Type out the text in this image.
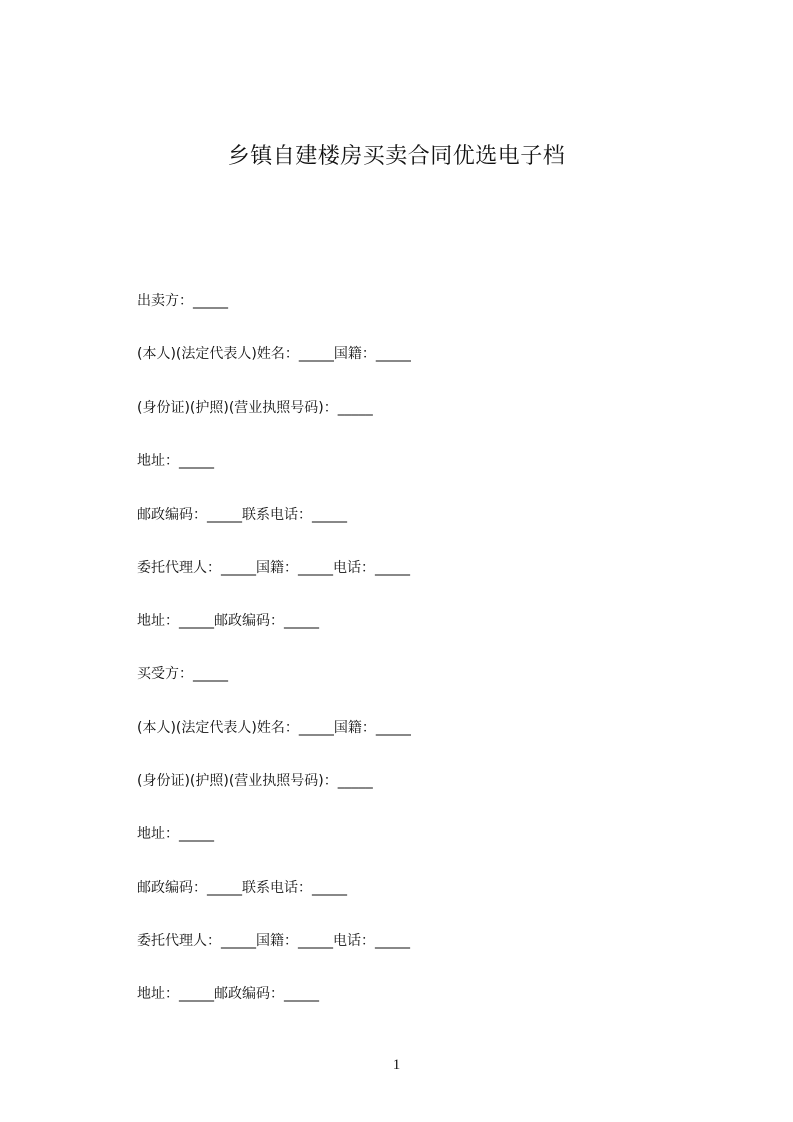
乡镇自建楼房买卖合同优选电子档
出卖方：_____
(本人)(法定代表人)姓名：_____国籍：_____
(身份证)(护照)(营业执照号码)：_____
地址：_____
邮政编码：_____联系电话：_____
委托代理人：_____国籍：_____电话：_____
地址：_____邮政编码：_____
买受方：_____
(本人)(法定代表人)姓名：_____国籍：_____
(身份证)(护照)(营业执照号码)：_____
地址：_____
邮政编码：_____联系电话：_____
委托代理人：_____国籍：_____电话：_____
地址：_____邮政编码：_____
1
